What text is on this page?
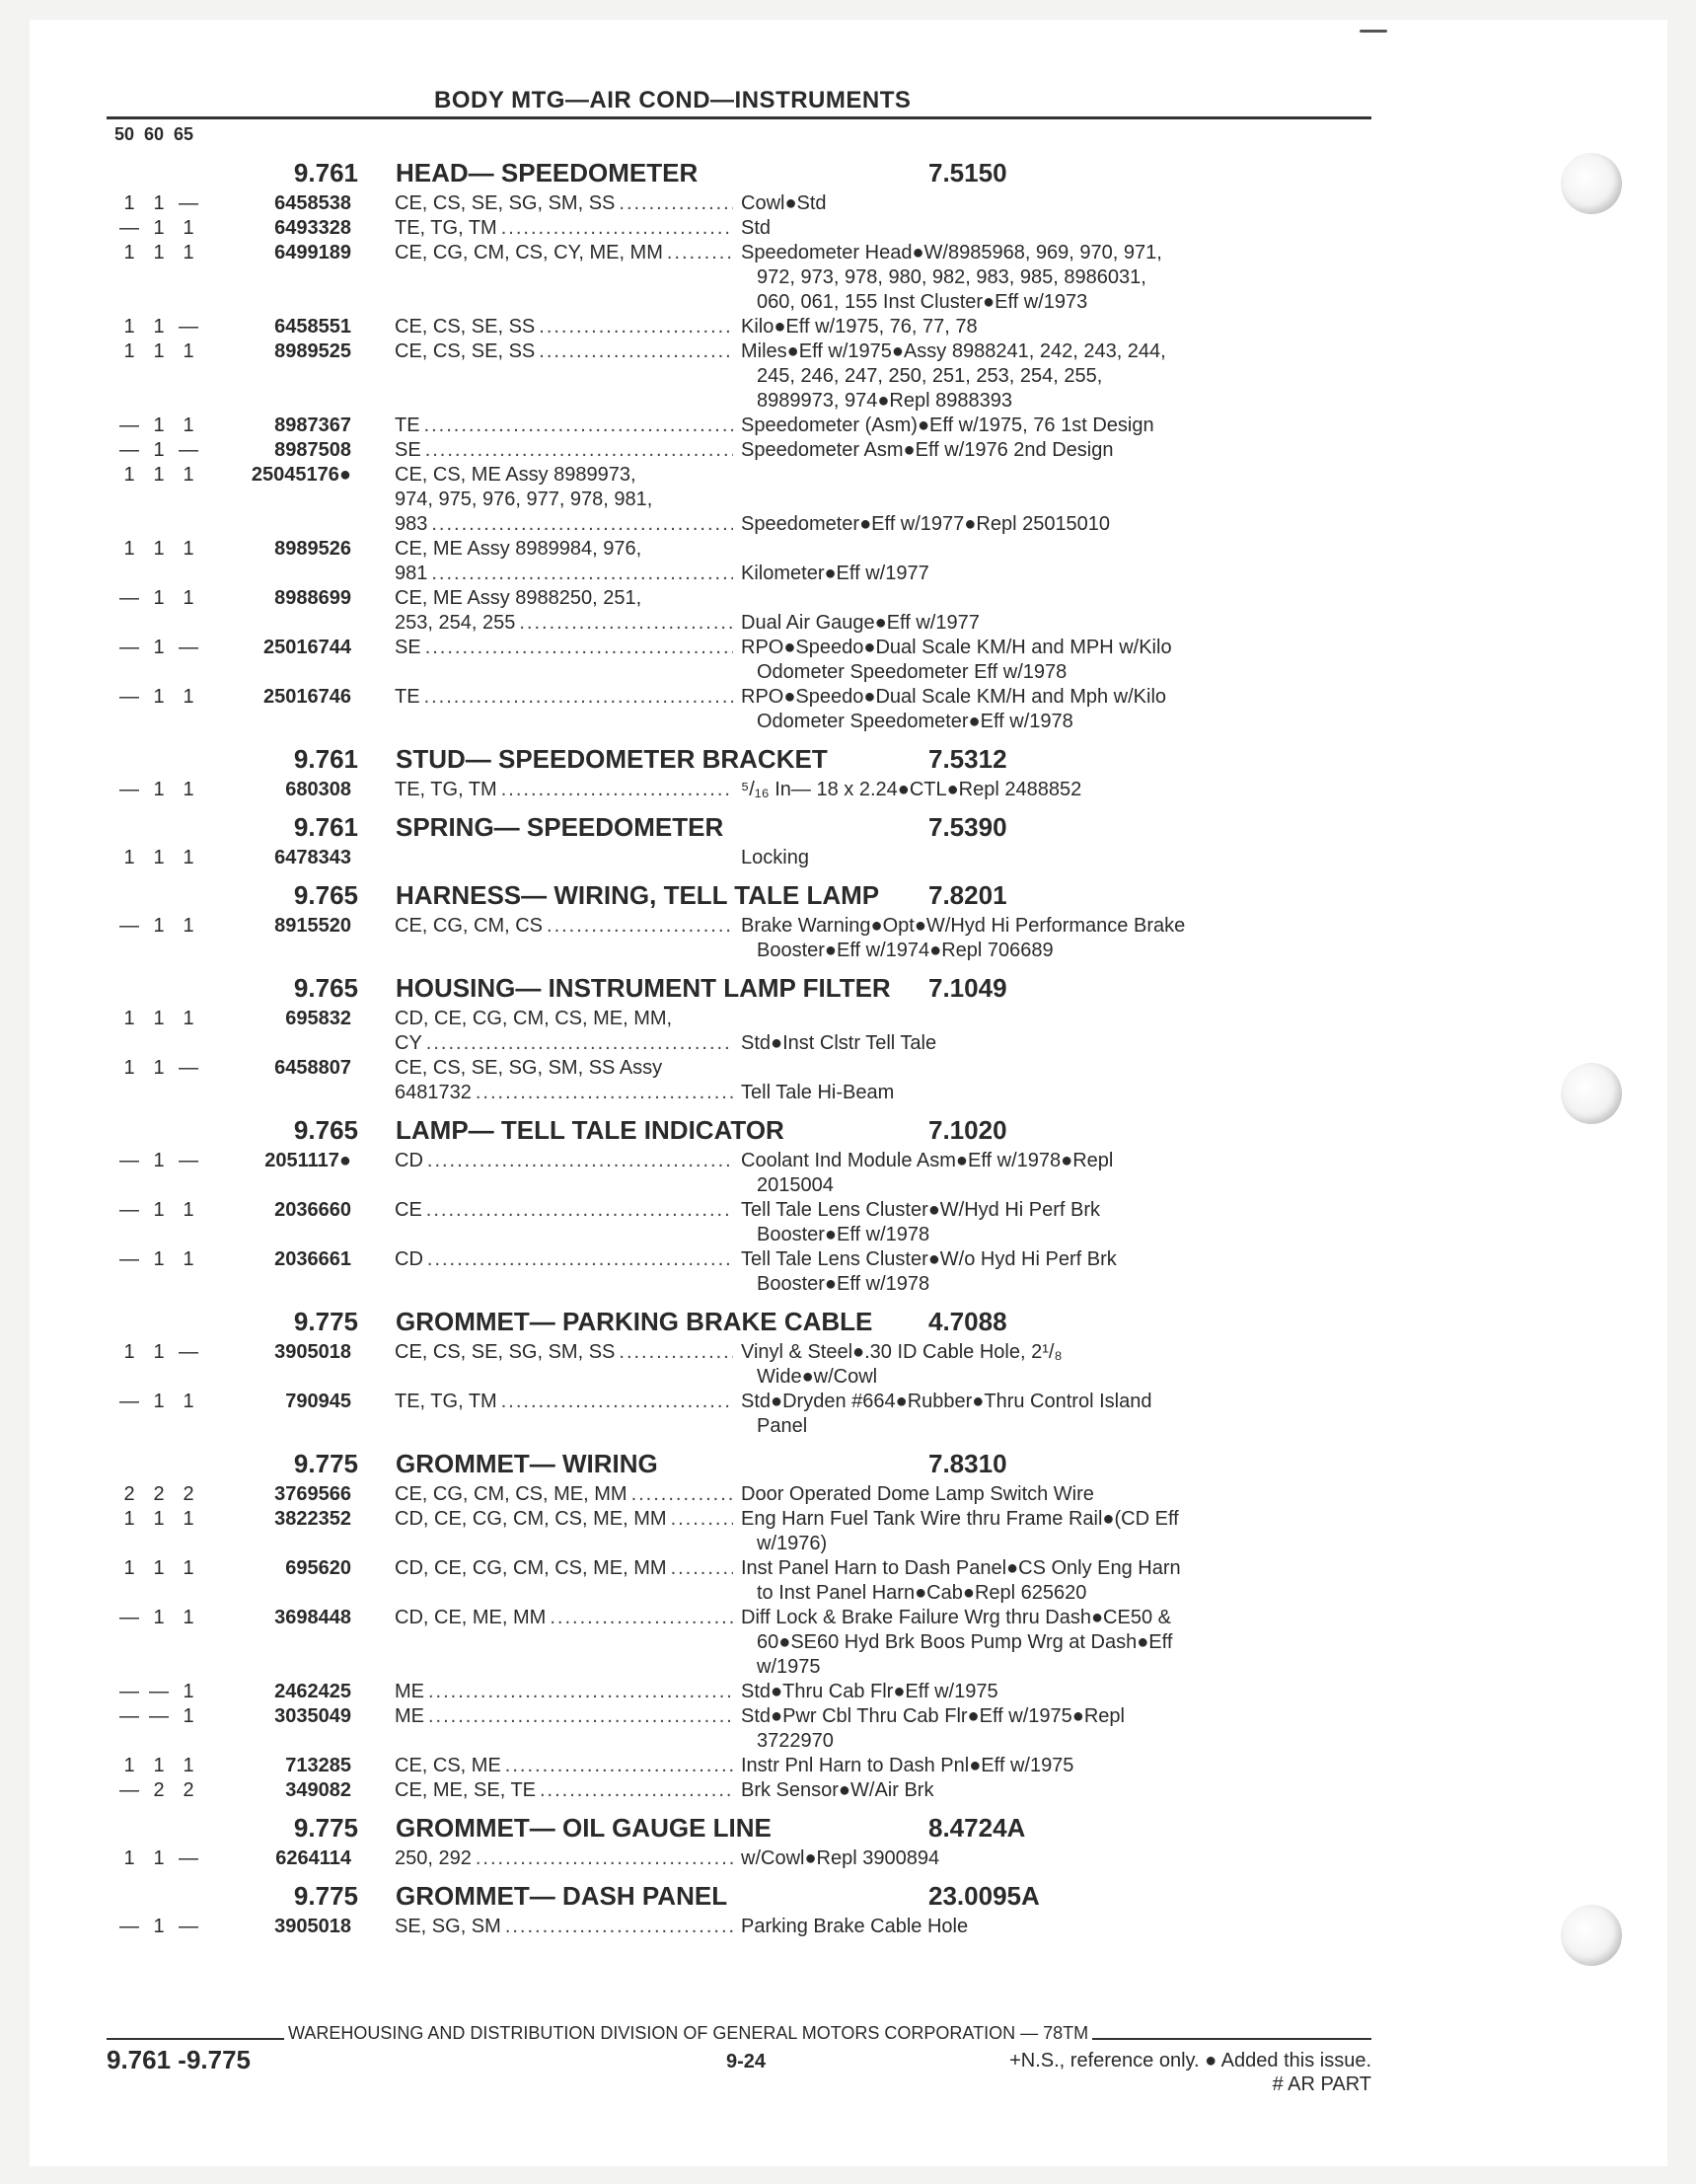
BODY MTG—AIR COND—INSTRUMENTS
50  60  65
9.761	HEAD— SPEEDOMETER	7.5150
1 1 —	6458538	CE, CS, SE, SG, SM, SS .....	Cowl●Std
— 1 1	6493328	TE, TG, TM .....	Std
1 1 1	6499189	CE, CG, CM, CS, CY, ME, MM .....	Speedometer Head●W/8985968, 969, 970, 971,
972, 973, 978, 980, 982, 983, 985, 8986031,
060, 061, 155 Inst Cluster●Eff w/1973
1 1 —	6458551	CE, CS, SE, SS .....	Kilo●Eff w/1975, 76, 77, 78
1 1 1	8989525	CE, CS, SE, SS .....	Miles●Eff w/1975●Assy 8988241, 242, 243, 244,
245, 246, 247, 250, 251, 253, 254, 255,
8989973, 974●Repl 8988393
— 1 1	8987367	TE .....	Speedometer (Asm)●Eff w/1975, 76 1st Design
— 1 —	8987508	SE .....	Speedometer Asm●Eff w/1976 2nd Design
1 1 1	25045176●	CE, CS, ME Assy 8989973,
974, 975, 976, 977, 978, 981,
983 .....	Speedometer●Eff w/1977●Repl 25015010
1 1 1	8989526	CE, ME Assy 8989984, 976,
981 .....	Kilometer●Eff w/1977
— 1 1	8988699	CE, ME Assy 8988250, 251,
253, 254, 255 .....	Dual Air Gauge●Eff w/1977
— 1 —	25016744	SE .....	RPO●Speedo●Dual Scale KM/H and MPH w/Kilo
Odometer Speedometer Eff w/1978
— 1 1	25016746	TE .....	RPO●Speedo●Dual Scale KM/H and Mph w/Kilo
Odometer Speedometer●Eff w/1978
9.761	STUD— SPEEDOMETER BRACKET	7.5312
— 1 1	680308	TE, TG, TM .....	⁵/₁₆ In— 18 x 2.24●CTL●Repl 2488852
9.761	SPRING— SPEEDOMETER	7.5390
1 1 1	6478343	Locking
9.765	HARNESS— WIRING, TELL TALE LAMP	7.8201
— 1 1	8915520	CE, CG, CM, CS .....	Brake Warning●Opt●W/Hyd Hi Performance Brake
Booster●Eff w/1974●Repl 706689
9.765	HOUSING— INSTRUMENT LAMP FILTER	7.1049
1 1 1	695832	CD, CE, CG, CM, CS, ME, MM,
CY .....	Std●Inst Clstr Tell Tale
1 1 —	6458807	CE, CS, SE, SG, SM, SS Assy
6481732 .....	Tell Tale Hi-Beam
9.765	LAMP— TELL TALE INDICATOR	7.1020
— 1 —	2051117●	CD .....	Coolant Ind Module Asm●Eff w/1978●Repl
2015004
— 1 1	2036660	CE .....	Tell Tale Lens Cluster●W/Hyd Hi Perf Brk
Booster●Eff w/1978
— 1 1	2036661	CD .....	Tell Tale Lens Cluster●W/o Hyd Hi Perf Brk
Booster●Eff w/1978
9.775	GROMMET— PARKING BRAKE CABLE	4.7088
1 1 —	3905018	CE, CS, SE, SG, SM, SS .....	Vinyl & Steel●.30 ID Cable Hole, 2¹/₈
Wide●w/Cowl
— 1 1	790945	TE, TG, TM .....	Std●Dryden #664●Rubber●Thru Control Island
Panel
9.775	GROMMET— WIRING	7.8310
2 2 2	3769566	CE, CG, CM, CS, ME, MM .....	Door Operated Dome Lamp Switch Wire
1 1 1	3822352	CD, CE, CG, CM, CS, ME, MM .....	Eng Harn Fuel Tank Wire thru Frame Rail●(CD Eff
w/1976)
1 1 1	695620	CD, CE, CG, CM, CS, ME, MM .....	Inst Panel Harn to Dash Panel●CS Only Eng Harn
to Inst Panel Harn●Cab●Repl 625620
— 1 1	3698448	CD, CE, ME, MM .....	Diff Lock & Brake Failure Wrg thru Dash●CE50 &
60●SE60 Hyd Brk Boos Pump Wrg at Dash●Eff
w/1975
— — 1	2462425	ME .....	Std●Thru Cab Flr●Eff w/1975
— — 1	3035049	ME .....	Std●Pwr Cbl Thru Cab Flr●Eff w/1975●Repl
3722970
1 1 1	713285	CE, CS, ME .....	Instr Pnl Harn to Dash Pnl●Eff w/1975
— 2 2	349082	CE, ME, SE, TE .....	Brk Sensor●W/Air Brk
9.775	GROMMET— OIL GAUGE LINE	8.4724A
1 1 —	6264114	250, 292 .....	w/Cowl●Repl 3900894
9.775	GROMMET— DASH PANEL	23.0095A
— 1 —	3905018	SE, SG, SM .....	Parking Brake Cable Hole
WAREHOUSING AND DISTRIBUTION DIVISION OF GENERAL MOTORS CORPORATION — 78TM
9.761 -9.775	9-24	+N.S., reference only. ● Added this issue.
# AR PART
